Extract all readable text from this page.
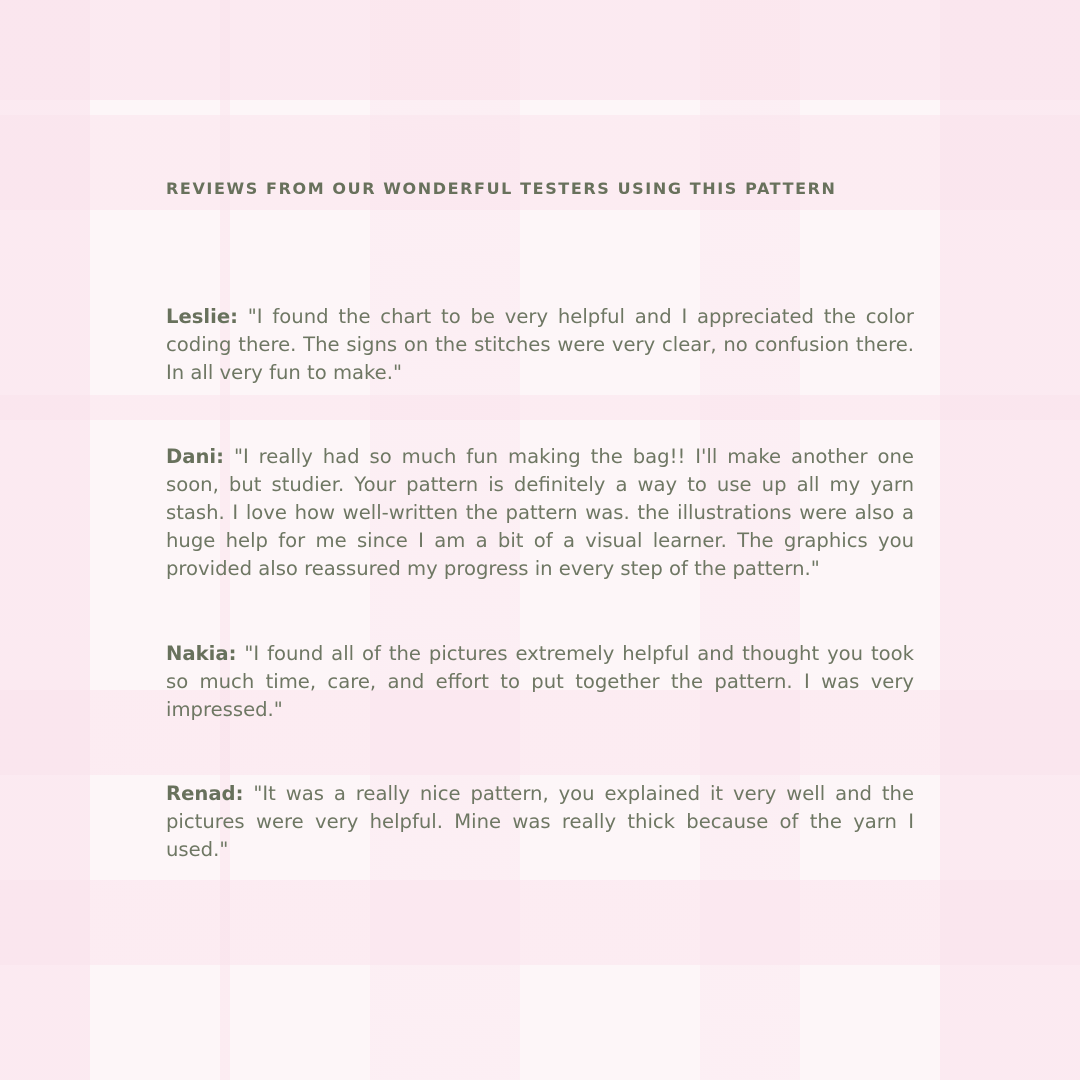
REVIEWS FROM OUR WONDERFUL TESTERS USING THIS PATTERN

Leslie: "I found the chart to be very helpful and I appreciated the color coding there. The signs on the stitches were very clear, no confusion there. In all very fun to make."

Dani: "I really had so much fun making the bag!! I'll make another one soon, but studier. Your pattern is definitely a way to use up all my yarn stash. I love how well-written the pattern was. the illustrations were also a huge help for me since I am a bit of a visual learner. The graphics you provided also reassured my progress in every step of the pattern."

Nakia: "I found all of the pictures extremely helpful and thought you took so much time, care, and effort to put together the pattern. I was very impressed."

Renad: "It was a really nice pattern, you explained it very well and the pictures were very helpful. Mine was really thick because of the yarn I used."
